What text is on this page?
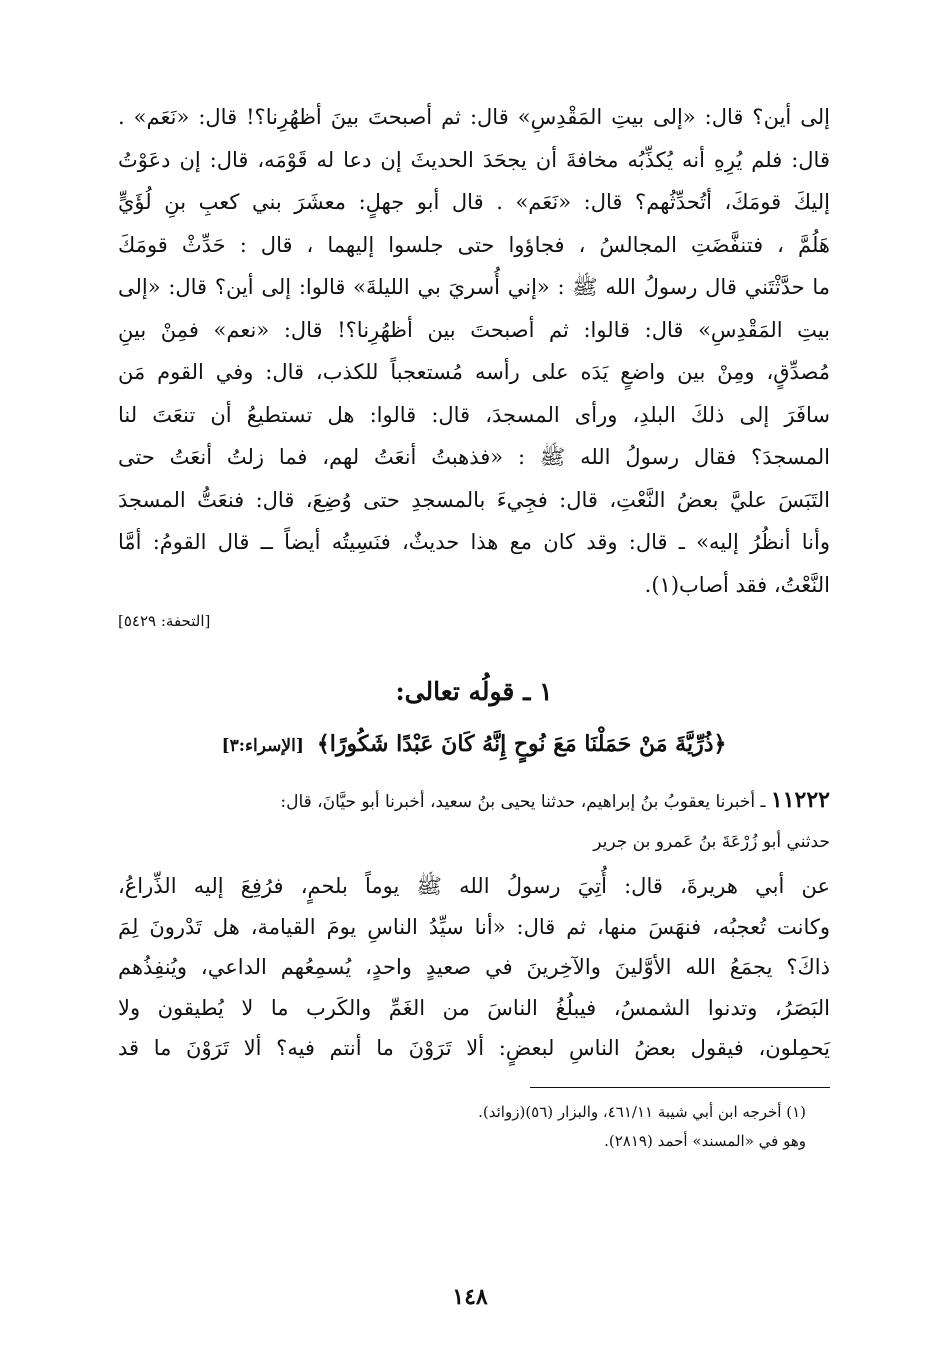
إلى أين؟ قال: «إلى بيتِ المَقْدِسِ» قال: ثم أصبحتَ بينَ أظهُرِنا؟! قال: «نَعَم» .

قال: فلم يُرِهِ أنه يُكذِّبُه مخافةَ أن يجحَدَ الحديثَ إن دعا له قَوْمَه، قال: إن دعَوْتُ

إليكَ قومَكَ، أتُحدِّثُهم؟ قال: «نَعَم» . قال أبو جهلٍ: معشَرَ بني كعبِ بنِ لُؤَيٍّ

هَلُمَّ ، فتنفَّضَتِ المجالسُ ، فجاؤوا حتى جلسوا إليهما ، قال : حَدِّثْ قومَكَ

ما حدَّثْتَني قال رسولُ الله ﷺ : «إني أُسريَ بي الليلةَ» قالوا: إلى أين؟ قال: «إلى

بيتِ المَقْدِسِ» قال: قالوا: ثم أصبحتَ بين أظهُرِنا؟! قال: «نعم» فمِنْ بينِ

مُصدِّقٍ، ومِنْ بين واضعٍ يَدَه على رأسه مُستعجباً للكذب، قال: وفي القوم مَن

سافَرَ إلى ذلكَ البلدِ، ورأى المسجدَ، قال: قالوا: هل تستطيعُ أن تنعَتَ لنا

المسجدَ؟ فقال رسولُ الله ﷺ : «فذهبتُ أنعَتُ لهم، فما زلتُ أنعَتُ حتى

التَبَسَ عليَّ بعضُ النَّعْتِ، قال: فجِيءَ بالمسجدِ حتى وُضِعَ، قال: فنعَتُّ المسجدَ

وأنا أنظُرُ إليه» ـ قال: وقد كان مع هذا حديثٌ، فنَسِيتُه أيضاً ــ قال القومُ: أمَّا

النَّعْتُ، فقد أصاب(١).

[التحفة: ٥٤٢٩]
١ ـ قولُه تعالى:
﴿ذُرِّيَّةَ مَنْ حَمَلْنَا مَعَ نُوحٍ إِنَّهُ كَانَ عَبْدًا شَكُورًا﴾ [الإسراء:٣]

١١٢٢٢ ـ أخبرنا يعقوبُ بنُ إبراهيم، حدثنا يحيى بنُ سعيد، أخبرنا أبو حيَّانَ، قال:

حدثني أبو زُرْعَةَ بنُ عَمرو بن جرير

عن أبي هريرةَ، قال: أُتِيَ رسولُ الله ﷺ يوماً بلحمٍ، فرُفِعَ إليه الذِّراعُ،

وكانت تُعجبُه، فنهَسَ منها، ثم قال: «أنا سيِّدُ الناسِ يومَ القيامة، هل تَدْرونَ لِمَ

ذاكَ؟ يجمَعُ الله الأوَّلينَ والآخِرينَ في صعيدٍ واحدٍ، يُسمِعُهم الداعي، ويُنفِذُهم

البَصَرُ، وتدنوا الشمسُ، فيبلُغُ الناسَ من الغَمِّ والكَرب ما لا يُطيقون ولا

يَحمِلون، فيقول بعضُ الناسِ لبعضٍ: ألا تَرَوْنَ ما أنتم فيه؟ ألا تَرَوْنَ ما قد

(١) أخرجه ابن أبي شيبة ٤٦١/١١، والبزار (٥٦)(زوائد).

وهو في «المسند» أحمد (٢٨١٩).

١٤٨
